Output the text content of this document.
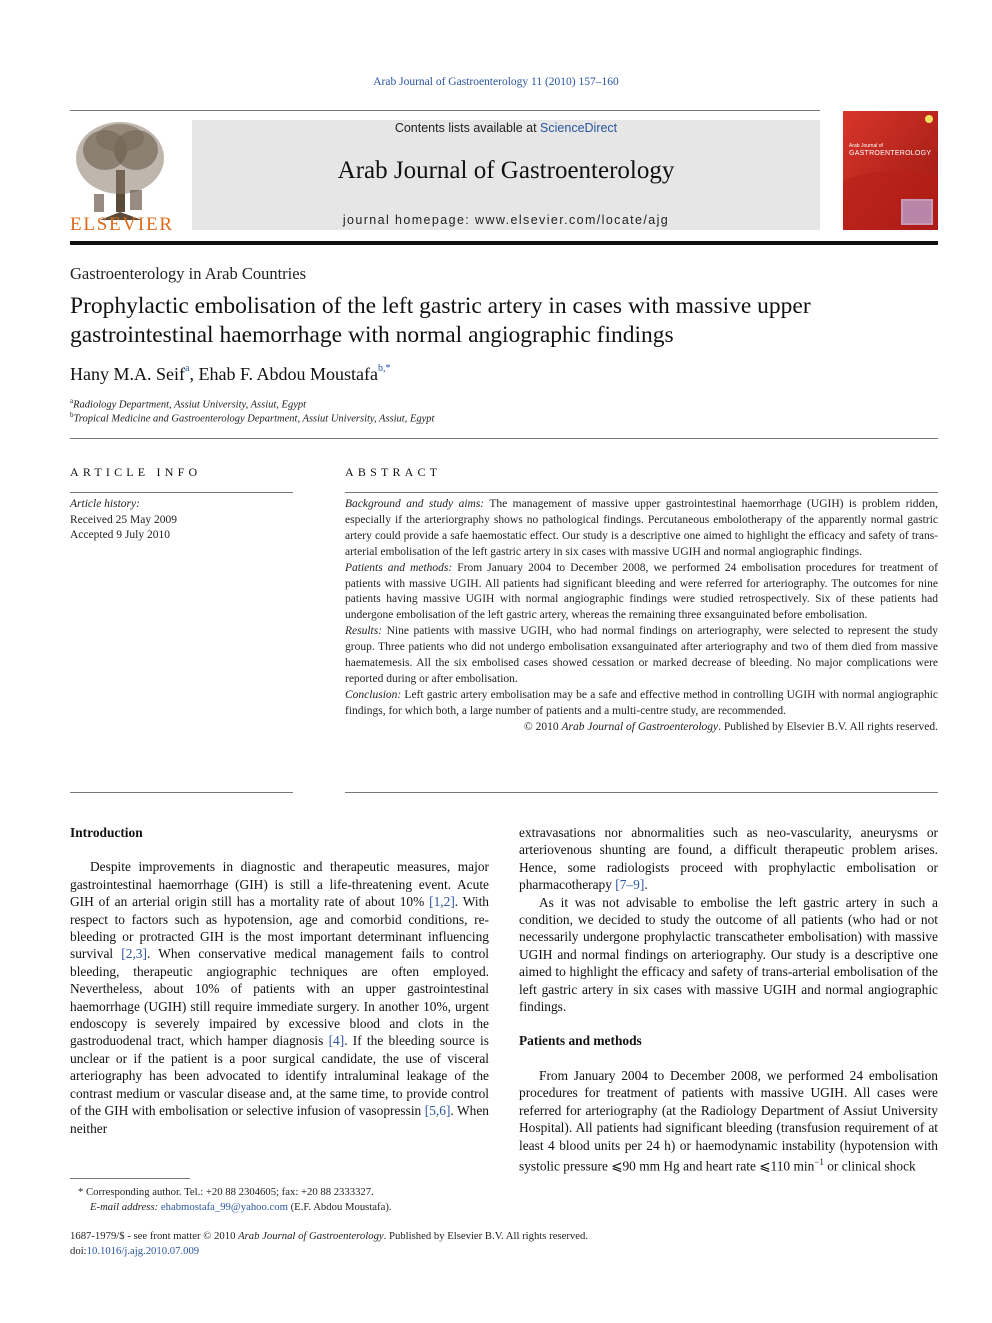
Arab Journal of Gastroenterology 11 (2010) 157–160
ELSEVIER
Contents lists available at ScienceDirect
Arab Journal of Gastroenterology
journal homepage: www.elsevier.com/locate/ajg
Arab Journal of
GASTROENTEROLOGY
Gastroenterology in Arab Countries
Prophylactic embolisation of the left gastric artery in cases with massive upper gastrointestinal haemorrhage with normal angiographic findings
Hany M.A. Seif$^a$, Ehab F. Abdou Moustafa$^{b,*}$
$^a$Radiology Department, Assiut University, Assiut, Egypt
$^b$Tropical Medicine and Gastroenterology Department, Assiut University, Assiut, Egypt
ARTICLE INFO	ABSTRACT
Article history:
Received 25 May 2009
Accepted 9 July 2010
Background and study aims: The management of massive upper gastrointestinal haemorrhage (UGIH) is problem ridden, especially if the arteriorgraphy shows no pathological findings. Percutaneous embolotherapy of the apparently normal gastric artery could provide a safe haemostatic effect. Our study is a descriptive one aimed to highlight the efficacy and safety of trans-arterial embolisation of the left gastric artery in six cases with massive UGIH and normal angiographic findings.
Patients and methods: From January 2004 to December 2008, we performed 24 embolisation procedures for treatment of patients with massive UGIH. All patients had significant bleeding and were referred for arteriography. The outcomes for nine patients having massive UGIH with normal angiographic findings were studied retrospectively. Six of these patients had undergone embolisation of the left gastric artery, whereas the remaining three exsanguinated before embolisation.
Results: Nine patients with massive UGIH, who had normal findings on arteriography, were selected to represent the study group. Three patients who did not undergo embolisation exsanguinated after arteriography and two of them died from massive haematemesis. All the six embolised cases showed cessation or marked decrease of bleeding. No major complications were reported during or after embolisation.
Conclusion: Left gastric artery embolisation may be a safe and effective method in controlling UGIH with normal angiographic findings, for which both, a large number of patients and a multi-centre study, are recommended.
© 2010 Arab Journal of Gastroenterology. Published by Elsevier B.V. All rights reserved.
Introduction

Despite improvements in diagnostic and therapeutic measures, major gastrointestinal haemorrhage (GIH) is still a life-threatening event. Acute GIH of an arterial origin still has a mortality rate of about 10% [1,2]. With respect to factors such as hypotension, age and comorbid conditions, re-bleeding or protracted GIH is the most important determinant influencing survival [2,3]. When conservative medical management fails to control bleeding, therapeutic angiographic techniques are often employed. Nevertheless, about 10% of patients with an upper gastrointestinal haemorrhage (UGIH) still require immediate surgery. In another 10%, urgent endoscopy is severely impaired by excessive blood and clots in the gastroduodenal tract, which hamper diagnosis [4]. If the bleeding source is unclear or if the patient is a poor surgical candidate, the use of visceral arteriography has been advocated to identify intraluminal leakage of the contrast medium or vascular disease and, at the same time, to provide control of the GIH with embolisation or selective infusion of vasopressin [5,6]. When neither

extravasations nor abnormalities such as neo-vascularity, aneurysms or arteriovenous shunting are found, a difficult therapeutic problem arises. Hence, some radiologists proceed with prophylactic embolisation or pharmacotherapy [7–9].

As it was not advisable to embolise the left gastric artery in such a condition, we decided to study the outcome of all patients (who had or not necessarily undergone prophylactic transcatheter embolisation) with massive UGIH and normal findings on arteriography. Our study is a descriptive one aimed to highlight the efficacy and safety of trans-arterial embolisation of the left gastric artery in six cases with massive UGIH and normal angiographic findings.

Patients and methods

From January 2004 to December 2008, we performed 24 embolisation procedures for treatment of patients with massive UGIH. All cases were referred for arteriography (at the Radiology Department of Assiut University Hospital). All patients had significant bleeding (transfusion requirement of at least 4 blood units per 24 h) or haemodynamic instability (hypotension with systolic pressure ⩽90 mm Hg and heart rate ⩽110 $\min^{-1}$ or clinical shock

* Corresponding author. Tel.: +20 88 2304605; fax: +20 88 2333327.
E-mail address: ehabmostafa_99@yahoo.com (E.F. Abdou Moustafa).
1687-1979/$ - see front matter © 2010 Arab Journal of Gastroenterology. Published by Elsevier B.V. All rights reserved.
doi:10.1016/j.ajg.2010.07.009
